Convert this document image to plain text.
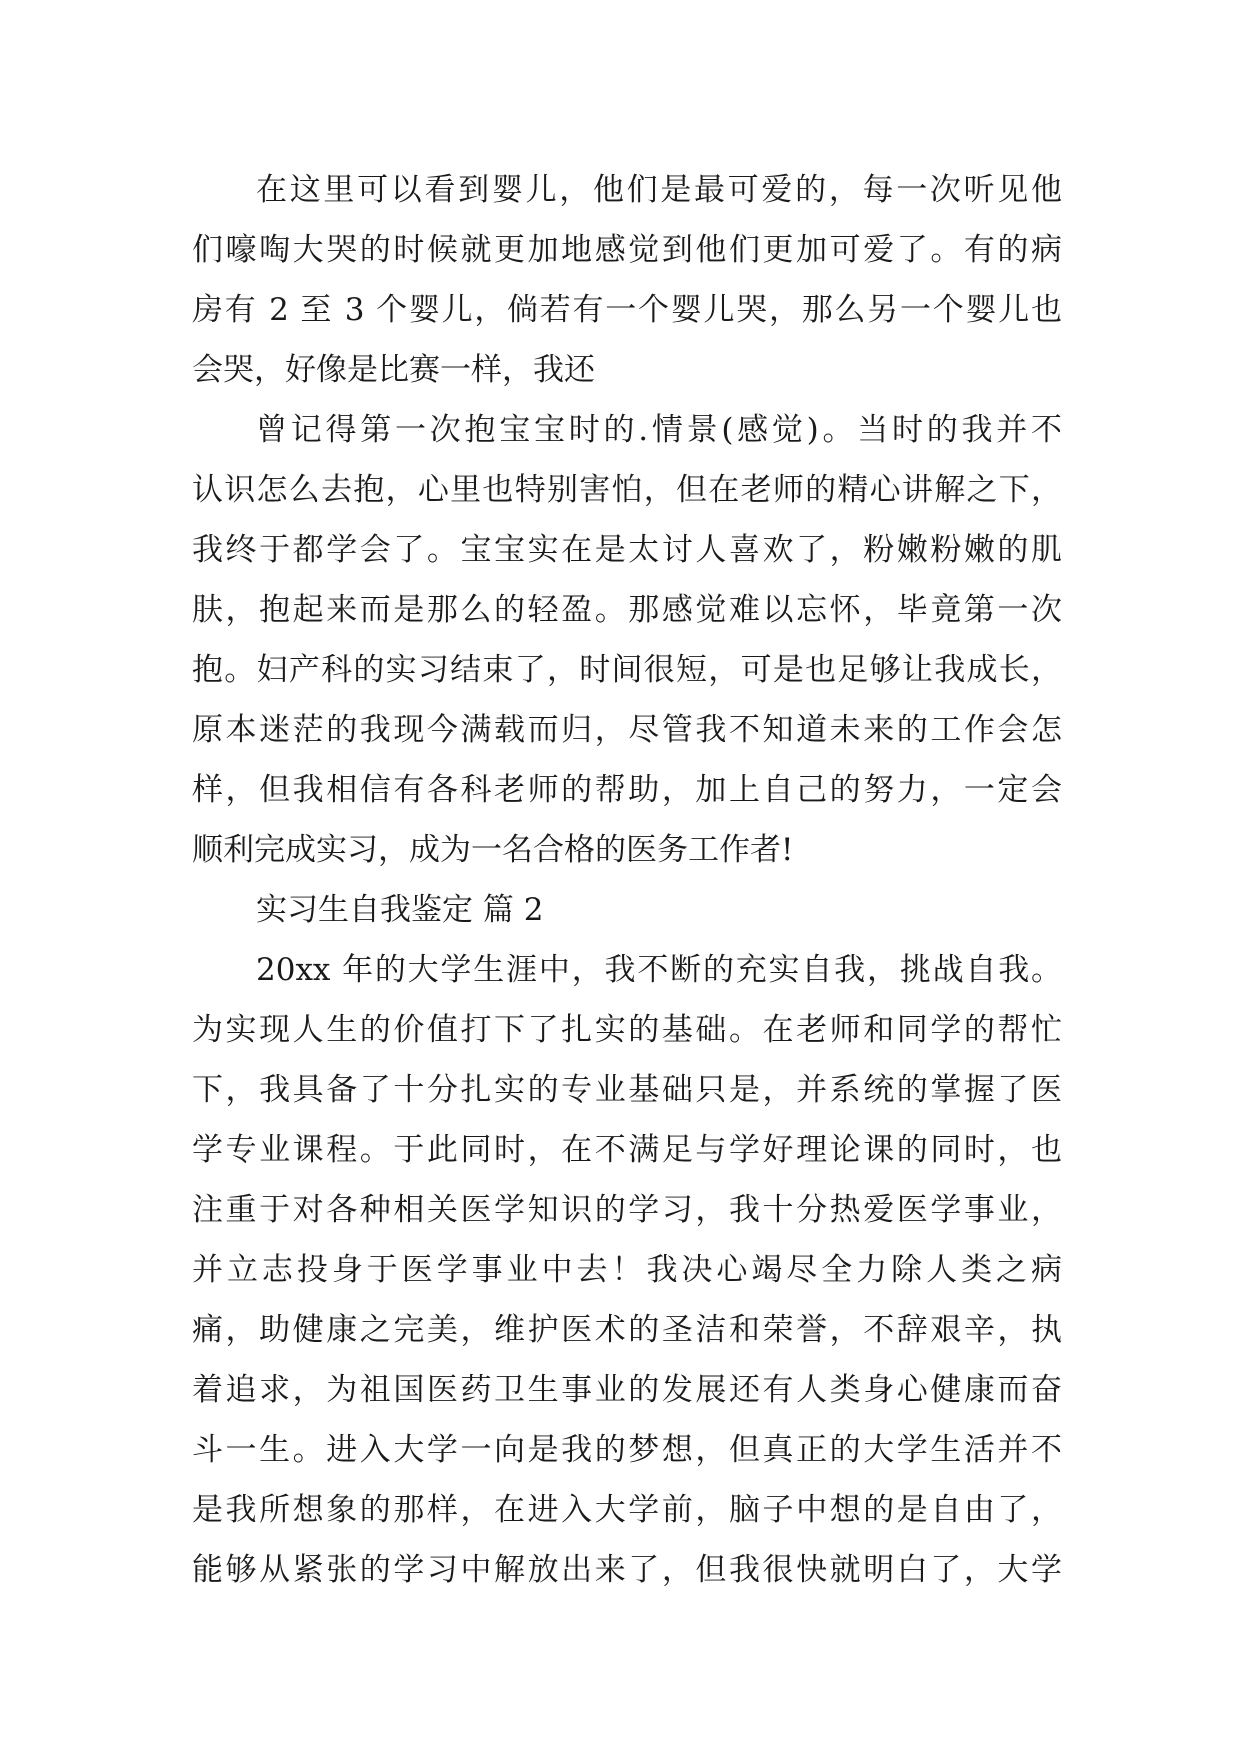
在这里可以看到婴儿，他们是最可爱的，每一次听见他
们嚎啕大哭的时候就更加地感觉到他们更加可爱了。有的病
房有 2 至 3 个婴儿，倘若有一个婴儿哭，那么另一个婴儿也
会哭，好像是比赛一样，我还
曾记得第一次抱宝宝时的.情景(感觉)。当时的我并不
认识怎么去抱，心里也特别害怕，但在老师的精心讲解之下，
我终于都学会了。宝宝实在是太讨人喜欢了，粉嫩粉嫩的肌
肤，抱起来而是那么的轻盈。那感觉难以忘怀，毕竟第一次
抱。妇产科的实习结束了，时间很短，可是也足够让我成长，
原本迷茫的我现今满载而归，尽管我不知道未来的工作会怎
样，但我相信有各科老师的帮助，加上自己的努力，一定会
顺利完成实习，成为一名合格的医务工作者!
实习生自我鉴定 篇 2
20xx 年的大学生涯中，我不断的充实自我，挑战自我。
为实现人生的价值打下了扎实的基础。在老师和同学的帮忙
下，我具备了十分扎实的专业基础只是，并系统的掌握了医
学专业课程。于此同时，在不满足与学好理论课的同时，也
注重于对各种相关医学知识的学习，我十分热爱医学事业，
并立志投身于医学事业中去！我决心竭尽全力除人类之病
痛，助健康之完美，维护医术的圣洁和荣誉，不辞艰辛，执
着追求，为祖国医药卫生事业的发展还有人类身心健康而奋
斗一生。进入大学一向是我的梦想，但真正的大学生活并不
是我所想象的那样，在进入大学前，脑子中想的是自由了，
能够从紧张的学习中解放出来了，但我很快就明白了，大学
